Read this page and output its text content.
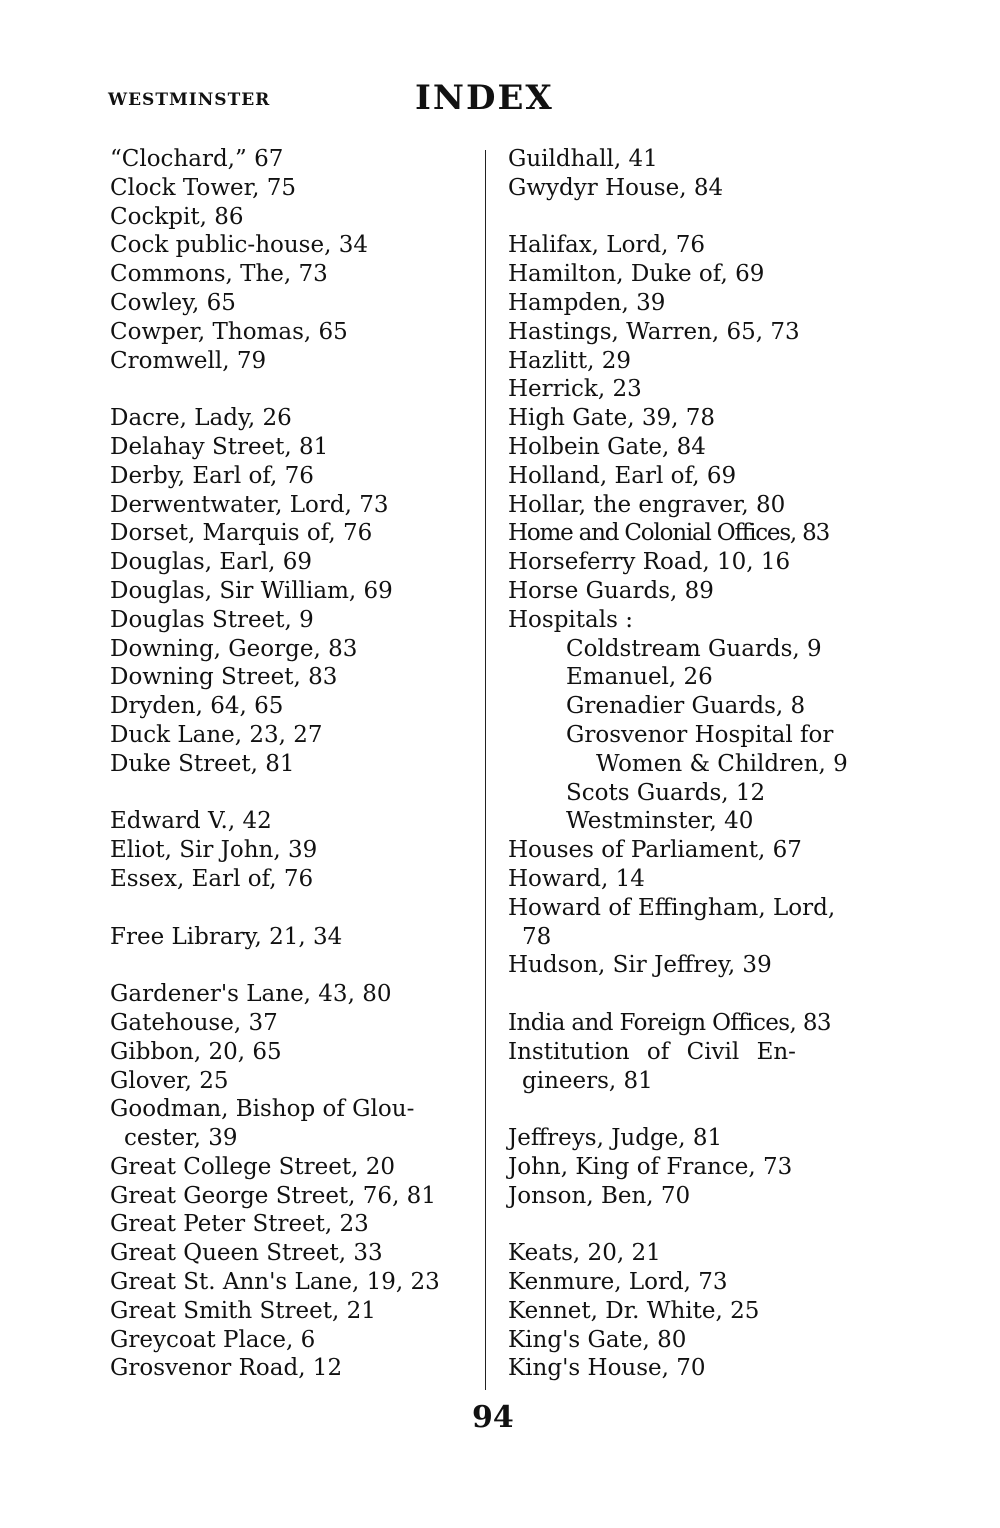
WESTMINSTER	INDEX
“Clochard,” 67
Clock Tower, 75
Cockpit, 86
Cock public-house, 34
Commons, The, 73
Cowley, 65
Cowper, Thomas, 65
Cromwell, 79
Dacre, Lady, 26
Delahay Street, 81
Derby, Earl of, 76
Derwentwater, Lord, 73
Dorset, Marquis of, 76
Douglas, Earl, 69
Douglas, Sir William, 69
Douglas Street, 9
Downing, George, 83
Downing Street, 83
Dryden, 64, 65
Duck Lane, 23, 27
Duke Street, 81
Edward V., 42
Eliot, Sir John, 39
Essex, Earl of, 76
Free Library, 21, 34
Gardener's Lane, 43, 80
Gatehouse, 37
Gibbon, 20, 65
Glover, 25
Goodman, Bishop of Glou-
cester, 39
Great College Street, 20
Great George Street, 76, 81
Great Peter Street, 23
Great Queen Street, 33
Great St. Ann's Lane, 19, 23
Great Smith Street, 21
Greycoat Place, 6
Grosvenor Road, 12
Guildhall, 41
Gwydyr House, 84
Halifax, Lord, 76
Hamilton, Duke of, 69
Hampden, 39
Hastings, Warren, 65, 73
Hazlitt, 29
Herrick, 23
High Gate, 39, 78
Holbein Gate, 84
Holland, Earl of, 69
Hollar, the engraver, 80
Home and Colonial Offices, 83
Horseferry Road, 10, 16
Horse Guards, 89
Hospitals :
Coldstream Guards, 9
Emanuel, 26
Grenadier Guards, 8
Grosvenor Hospital for
Women & Children, 9
Scots Guards, 12
Westminster, 40
Houses of Parliament, 67
Howard, 14
Howard of Effingham, Lord,
78
Hudson, Sir Jeffrey, 39
India and Foreign Offices, 83
Institution of Civil En-
gineers, 81
Jeffreys, Judge, 81
John, King of France, 73
Jonson, Ben, 70
Keats, 20, 21
Kenmure, Lord, 73
Kennet, Dr. White, 25
King's Gate, 80
King's House, 70
94
